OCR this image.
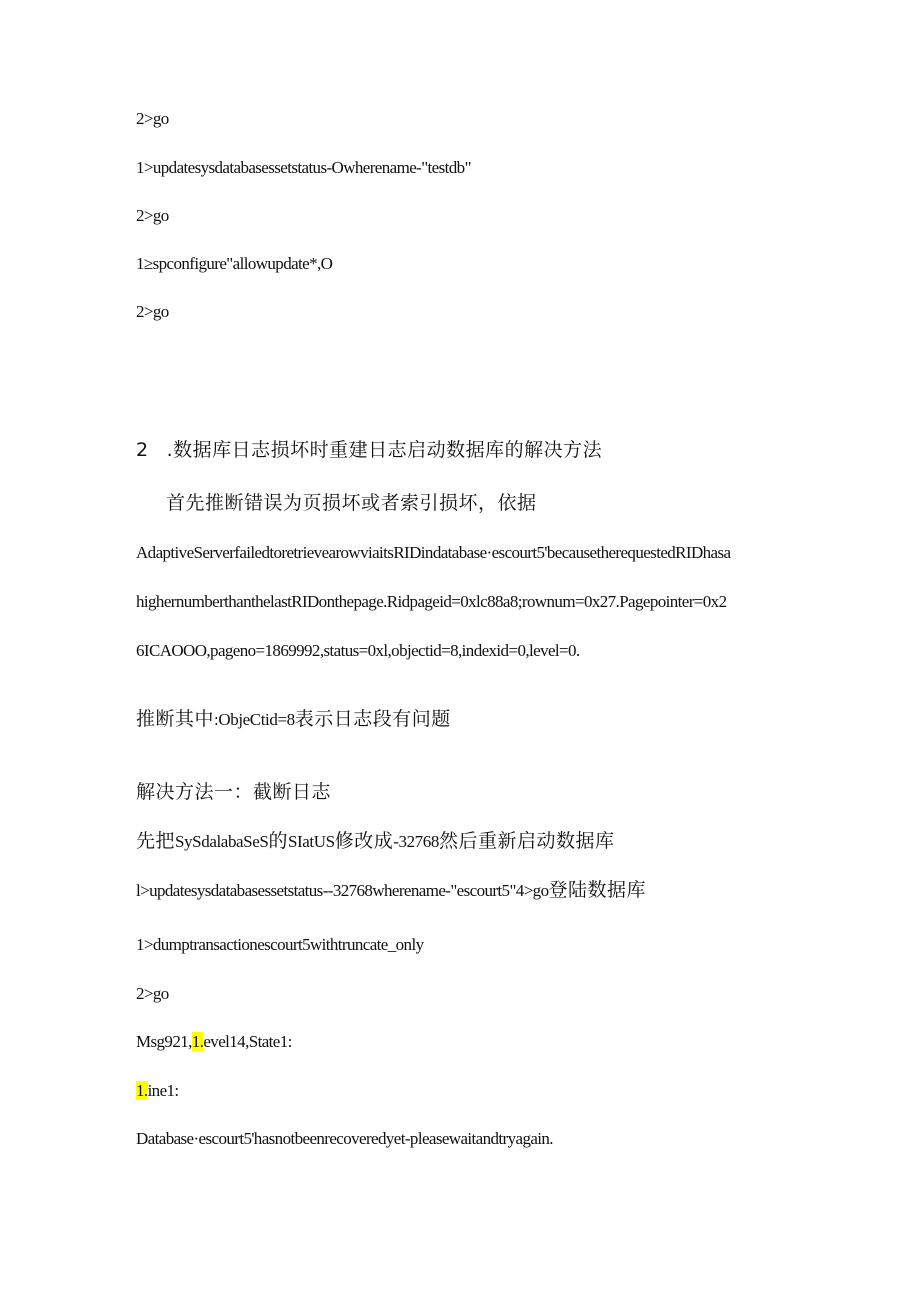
2>go
1>updatesysdatabasessetstatus-Owherename-"testdb"
2>go
1≥spconfigure"allowupdate*,O
2>go
2 .数据库日志损坏时重建日志启动数据库的解决方法
首先推断错误为页损坏或者索引损坏，依据
AdaptiveServerfailedtoretrievearowviaitsRIDindatabase·escourt5'becausetherequestedRIDhasa
highernumberthanthelastRIDonthepage.Ridpageid=0xlc88a8;rownum=0x27.Pagepointer=0x2
6ICAOOO,pageno=1869992,status=0xl,objectid=8,indexid=0,level=0.
推断其中:ObjeCtid=8表示日志段有问题
解决方法一：截断日志
先把SySdalabaSeS的SIatUS修改成-32768然后重新启动数据库
l>updatesysdatabasessetstatus--32768wherename-"escourt5"4>go登陆数据库
1>dumptransactionescourt5withtruncate_only
2>go
Msg921,1.evel14,State1:
1.ine1:
Database·escourt5'hasnotbeenrecoveredyet-pleasewaitandtryagain.
